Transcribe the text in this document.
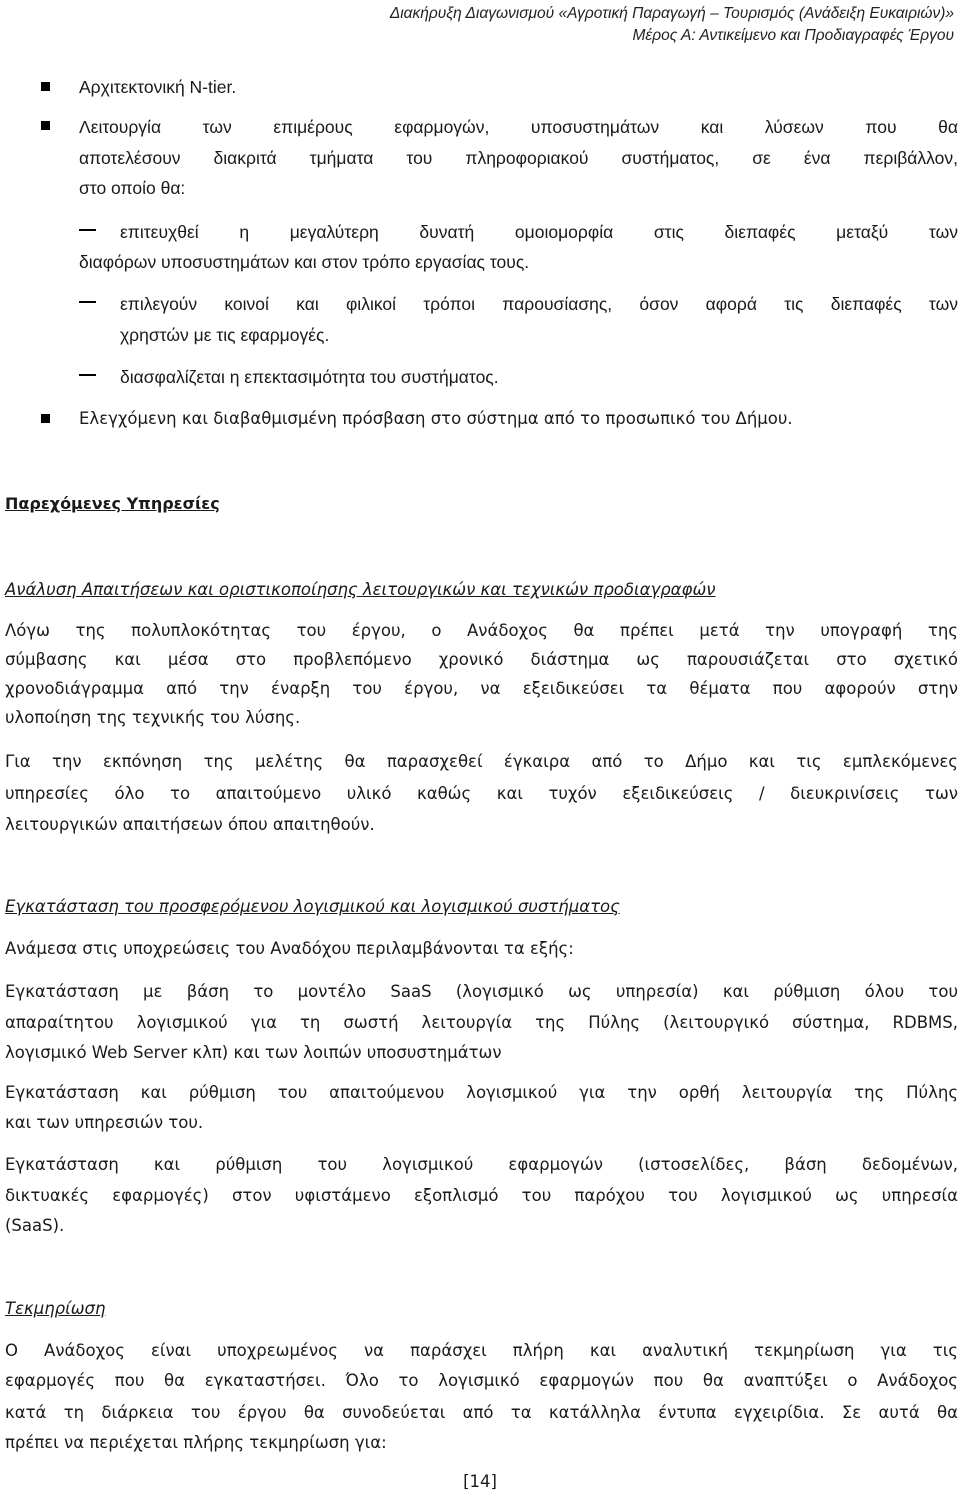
Διακήρυξη Διαγωνισμού «Αγροτική Παραγωγή – Τουρισμός (Ανάδειξη Ευκαιριών)»
Μέρος Α: Αντικείμενο και Προδιαγραφές Έργου
Αρχιτεκτονική N-tier.
Λειτουργία των επιμέρους εφαρμογών, υποσυστημάτων και λύσεων που θα
αποτελέσουν διακριτά τμήματα του πληροφοριακού συστήματος, σε ένα περιβάλλον,
στο οποίο θα:
επιτευχθεί η μεγαλύτερη δυνατή ομοιομορφία στις διεπαφές μεταξύ των
διαφόρων υποσυστημάτων και στον τρόπο εργασίας τους.
επιλεγούν κοινοί και φιλικοί τρόποι παρουσίασης, όσον αφορά τις διεπαφές των
χρηστών με τις εφαρμογές.
διασφαλίζεται η επεκτασιμότητα του συστήματος.
Ελεγχόμενη και διαβαθμισμένη πρόσβαση στο σύστημα από το προσωπικό του Δήμου.
Παρεχόμενες Υπηρεσίες
Ανάλυση Απαιτήσεων και οριστικοποίησης λειτουργικών και τεχνικών προδιαγραφών
Λόγω της πολυπλοκότητας του έργου, ο Ανάδοχος θα πρέπει μετά την υπογραφή της
σύμβασης και μέσα στο προβλεπόμενο χρονικό διάστημα ως παρουσιάζεται στο σχετικό
χρονοδιάγραμμα από την έναρξη του έργου, να εξειδικεύσει τα θέματα που αφορούν στην
υλοποίηση της τεχνικής του λύσης.
Για την εκπόνηση της μελέτης θα παρασχεθεί έγκαιρα από το Δήμο και τις εμπλεκόμενες
υπηρεσίες όλο το απαιτούμενο υλικό καθώς και τυχόν εξειδικεύσεις / διευκρινίσεις των
λειτουργικών απαιτήσεων όπου απαιτηθούν.
Εγκατάσταση του προσφερόμενου λογισμικού και λογισμικού συστήματος
Ανάμεσα στις υποχρεώσεις του Αναδόχου περιλαμβάνονται τα εξής:
Εγκατάσταση με βάση το μοντέλο SaaS (λογισμικό ως υπηρεσία) και ρύθμιση όλου του
απαραίτητου λογισμικού για τη σωστή λειτουργία της Πύλης (λειτουργικό σύστημα, RDBMS,
λογισμικό Web Server κλπ) και των λοιπών υποσυστημάτων
Εγκατάσταση και ρύθμιση του απαιτούμενου λογισμικού για την ορθή λειτουργία της Πύλης
και των υπηρεσιών του.
Εγκατάσταση και ρύθμιση του λογισμικού εφαρμογών (ιστοσελίδες, βάση δεδομένων,
δικτυακές εφαρμογές) στον υφιστάμενο εξοπλισμό του παρόχου του λογισμικού ως υπηρεσία
(SaaS).
Τεκμηρίωση
Ο Ανάδοχος είναι υποχρεωμένος να παράσχει πλήρη και αναλυτική τεκμηρίωση για τις
εφαρμογές που θα εγκαταστήσει. Όλο το λογισμικό εφαρμογών που θα αναπτύξει ο Ανάδοχος
κατά τη διάρκεια του έργου θα συνοδεύεται από τα κατάλληλα έντυπα εγχειρίδια. Σε αυτά θα
πρέπει να περιέχεται πλήρης τεκμηρίωση για:
[14]
